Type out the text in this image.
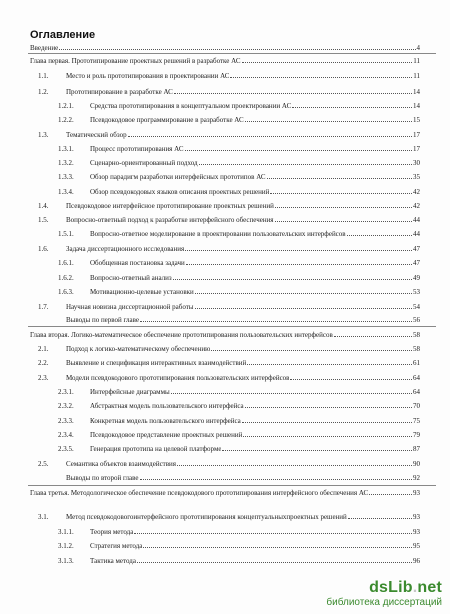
Оглавление
Введение	4
Глава первая. Прототипирование проектных решений в разработке АС	11
1.1.	Место и роль прототипирования в проектировании АС	11
1.2.	Прототипирование в разработке АС	14
1.2.1.	Средства прототипирования в концептуальном проектировании АС	14
1.2.2.	Псевдокодовое программирование в разработке АС	15
1.3.	Тематический обзор	17
1.3.1.	Процесс прототипирования АС	17
1.3.2.	Сценарно-ориентированный подход	30
1.3.3.	Обзор парадигм разработки интерфейсных прототипов АС	35
1.3.4.	Обзор псевдокодовых языков описания проектных решений	42
1.4.	Псевдокодовое интерфейсное прототипирование проектных решений	42
1.5.	Вопросно-ответный подход к разработке интерфейсного обеспечения	44
1.5.1.	Вопросно-ответное моделирование в проектировании пользовательских интерфейсов	44
1.6.	Задача диссертационного исследования	47
1.6.1.	Обобщенная постановка задачи	47
1.6.2.	Вопросно-ответный анализ	49
1.6.3.	Мотивационно-целевые установки	53
1.7.	Научная новизна диссертационной работы	54
Выводы по первой главе	56
Глава вторая. Логико-математическое обеспечение прототипирования пользовательских интерфейсов	58
2.1.	Подход к логико-математическому обеспечению	58
2.2.	Выявление и спецификация интерактивных взаимодействий	61
2.3.	Модели псевдокодового прототипирования пользовательских интерфейсов	64
2.3.1.	Интерфейсные диаграммы	64
2.3.2.	Абстрактная модель пользовательского интерфейса	70
2.3.3.	Конкретная модель пользовательского интерфейса	75
2.3.4.	Псевдокодовое представление проектных решений	79
2.3.5.	Генерация прототипа на целевой платформе	87
2.5.	Семантика объектов взаимодействия	90
Выводы по второй главе	92
Глава третья. Методологическое обеспечение псевдокодового прототипирования интерфейсного обеспечения АС	93
3.1.	Метод псевдокодовогоинтерфейсного прототипирования концептуальныхпроектных решений	93
3.1.1.	Теория метода	93
3.1.2.	Стратегия метода	95
3.1.3.	Тактика метода	96
dsLib.net
библиотека диссертаций
